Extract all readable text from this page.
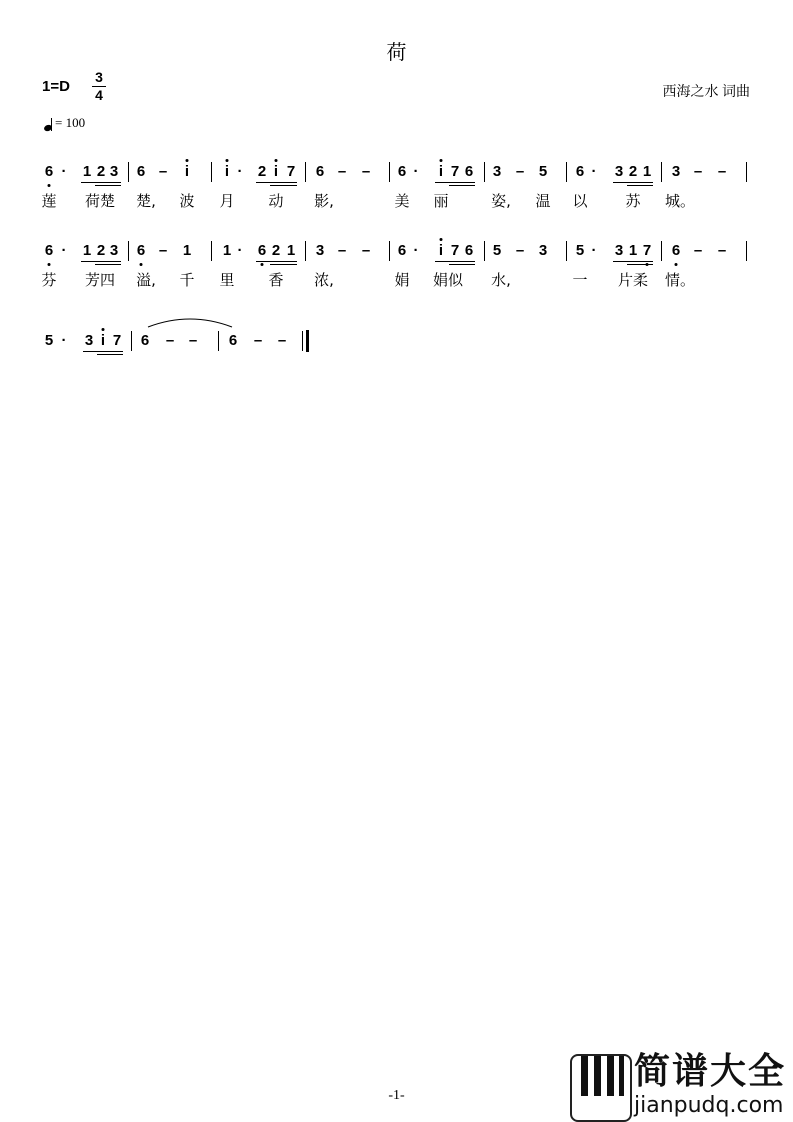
荷
1=D
3
4	西海之水 词曲
= 100
6 · 1 2 3 6 – i i · 2 i 7 6 – – 6 · i 7 6 3 – 5 6 · 3 2 1 3 – –
莲 荷楚 楚, 波 月 动 影,	美 丽	姿, 温 以	苏 城。
6 · 1 2 3 6 – 1 1 · 6 2 1 3 – – 6 · i 7 6 5 – 3 5 · 3 1 7 6 – –
芬 芳四 溢, 千 里 香 浓,	娟 娟似 水,	一 片柔 情。
5 · 3 i 7 6 – – 6 – –
-1-
简谱大全
jianpudq.com
